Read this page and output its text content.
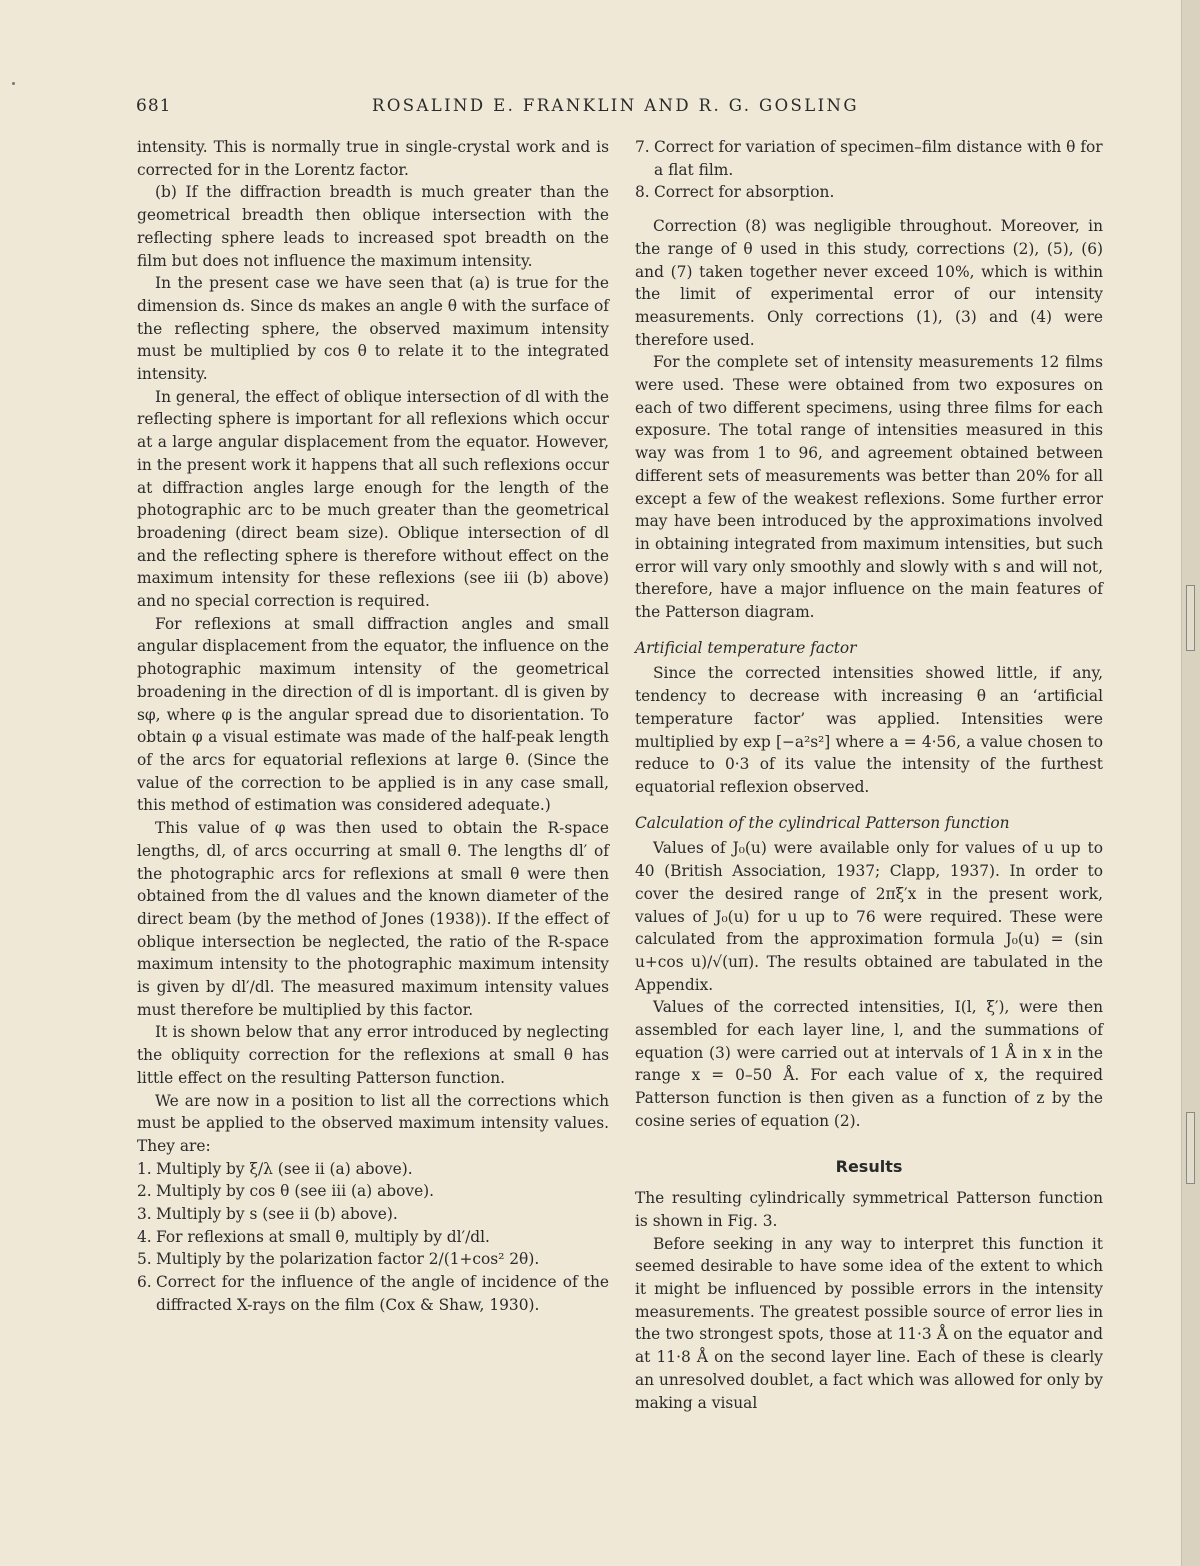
681	ROSALIND E. FRANKLIN AND R. G. GOSLING

intensity. This is normally true in single-crystal work and is corrected for in the Lorentz factor.

(b) If the diffraction breadth is much greater than the geometrical breadth then oblique intersection with the reflecting sphere leads to increased spot breadth on the film but does not influence the maximum intensity.

In the present case we have seen that (a) is true for the dimension ds. Since ds makes an angle θ with the surface of the reflecting sphere, the observed maximum intensity must be multiplied by cos θ to relate it to the integrated intensity.

In general, the effect of oblique intersection of dl with the reflecting sphere is important for all reflexions which occur at a large angular displacement from the equator. However, in the present work it happens that all such reflexions occur at diffraction angles large enough for the length of the photographic arc to be much greater than the geometrical broadening (direct beam size). Oblique intersection of dl and the reflecting sphere is therefore without effect on the maximum intensity for these reflexions (see iii (b) above) and no special correction is required.

For reflexions at small diffraction angles and small angular displacement from the equator, the influence on the photographic maximum intensity of the geometrical broadening in the direction of dl is important. dl is given by sφ, where φ is the angular spread due to disorientation. To obtain φ a visual estimate was made of the half-peak length of the arcs for equatorial reflexions at large θ. (Since the value of the correction to be applied is in any case small, this method of estimation was considered adequate.)

This value of φ was then used to obtain the R-space lengths, dl, of arcs occurring at small θ. The lengths dl′ of the photographic arcs for reflexions at small θ were then obtained from the dl values and the known diameter of the direct beam (by the method of Jones (1938)). If the effect of oblique intersection be neglected, the ratio of the R-space maximum intensity to the photographic maximum intensity is given by dl′/dl. The measured maximum intensity values must therefore be multiplied by this factor.

It is shown below that any error introduced by neglecting the obliquity correction for the reflexions at small θ has little effect on the resulting Patterson function.

We are now in a position to list all the corrections which must be applied to the observed maximum intensity values. They are:

1. Multiply by ξ/λ (see ii (a) above).
2. Multiply by cos θ (see iii (a) above).
3. Multiply by s (see ii (b) above).
4. For reflexions at small θ, multiply by dl′/dl.
5. Multiply by the polarization factor 2/(1+cos² 2θ).
6. Correct for the influence of the angle of incidence of the diffracted X-rays on the film (Cox & Shaw, 1930).
7. Correct for variation of specimen–film distance with θ for a flat film.
8. Correct for absorption.

Correction (8) was negligible throughout. Moreover, in the range of θ used in this study, corrections (2), (5), (6) and (7) taken together never exceed 10%, which is within the limit of experimental error of our intensity measurements. Only corrections (1), (3) and (4) were therefore used.

For the complete set of intensity measurements 12 films were used. These were obtained from two exposures on each of two different specimens, using three films for each exposure. The total range of intensities measured in this way was from 1 to 96, and agreement obtained between different sets of measurements was better than 20% for all except a few of the weakest reflexions. Some further error may have been introduced by the approximations involved in obtaining integrated from maximum intensities, but such error will vary only smoothly and slowly with s and will not, therefore, have a major influence on the main features of the Patterson diagram.

Artificial temperature factor

Since the corrected intensities showed little, if any, tendency to decrease with increasing θ an ‘artificial temperature factor’ was applied. Intensities were multiplied by exp [−a²s²] where a = 4·56, a value chosen to reduce to 0·3 of its value the intensity of the furthest equatorial reflexion observed.

Calculation of the cylindrical Patterson function

Values of J₀(u) were available only for values of u up to 40 (British Association, 1937; Clapp, 1937). In order to cover the desired range of 2πξ′x in the present work, values of J₀(u) for u up to 76 were required. These were calculated from the approximation formula J₀(u) = (sin u+cos u)/√(uπ). The results obtained are tabulated in the Appendix.

Values of the corrected intensities, I(l, ξ′), were then assembled for each layer line, l, and the summations of equation (3) were carried out at intervals of 1 Å in x in the range x = 0–50 Å. For each value of x, the required Patterson function is then given as a function of z by the cosine series of equation (2).

Results

The resulting cylindrically symmetrical Patterson function is shown in Fig. 3.

Before seeking in any way to interpret this function it seemed desirable to have some idea of the extent to which it might be influenced by possible errors in the intensity measurements. The greatest possible source of error lies in the two strongest spots, those at 11·3 Å on the equator and at 11·8 Å on the second layer line. Each of these is clearly an unresolved doublet, a fact which was allowed for only by making a visual
